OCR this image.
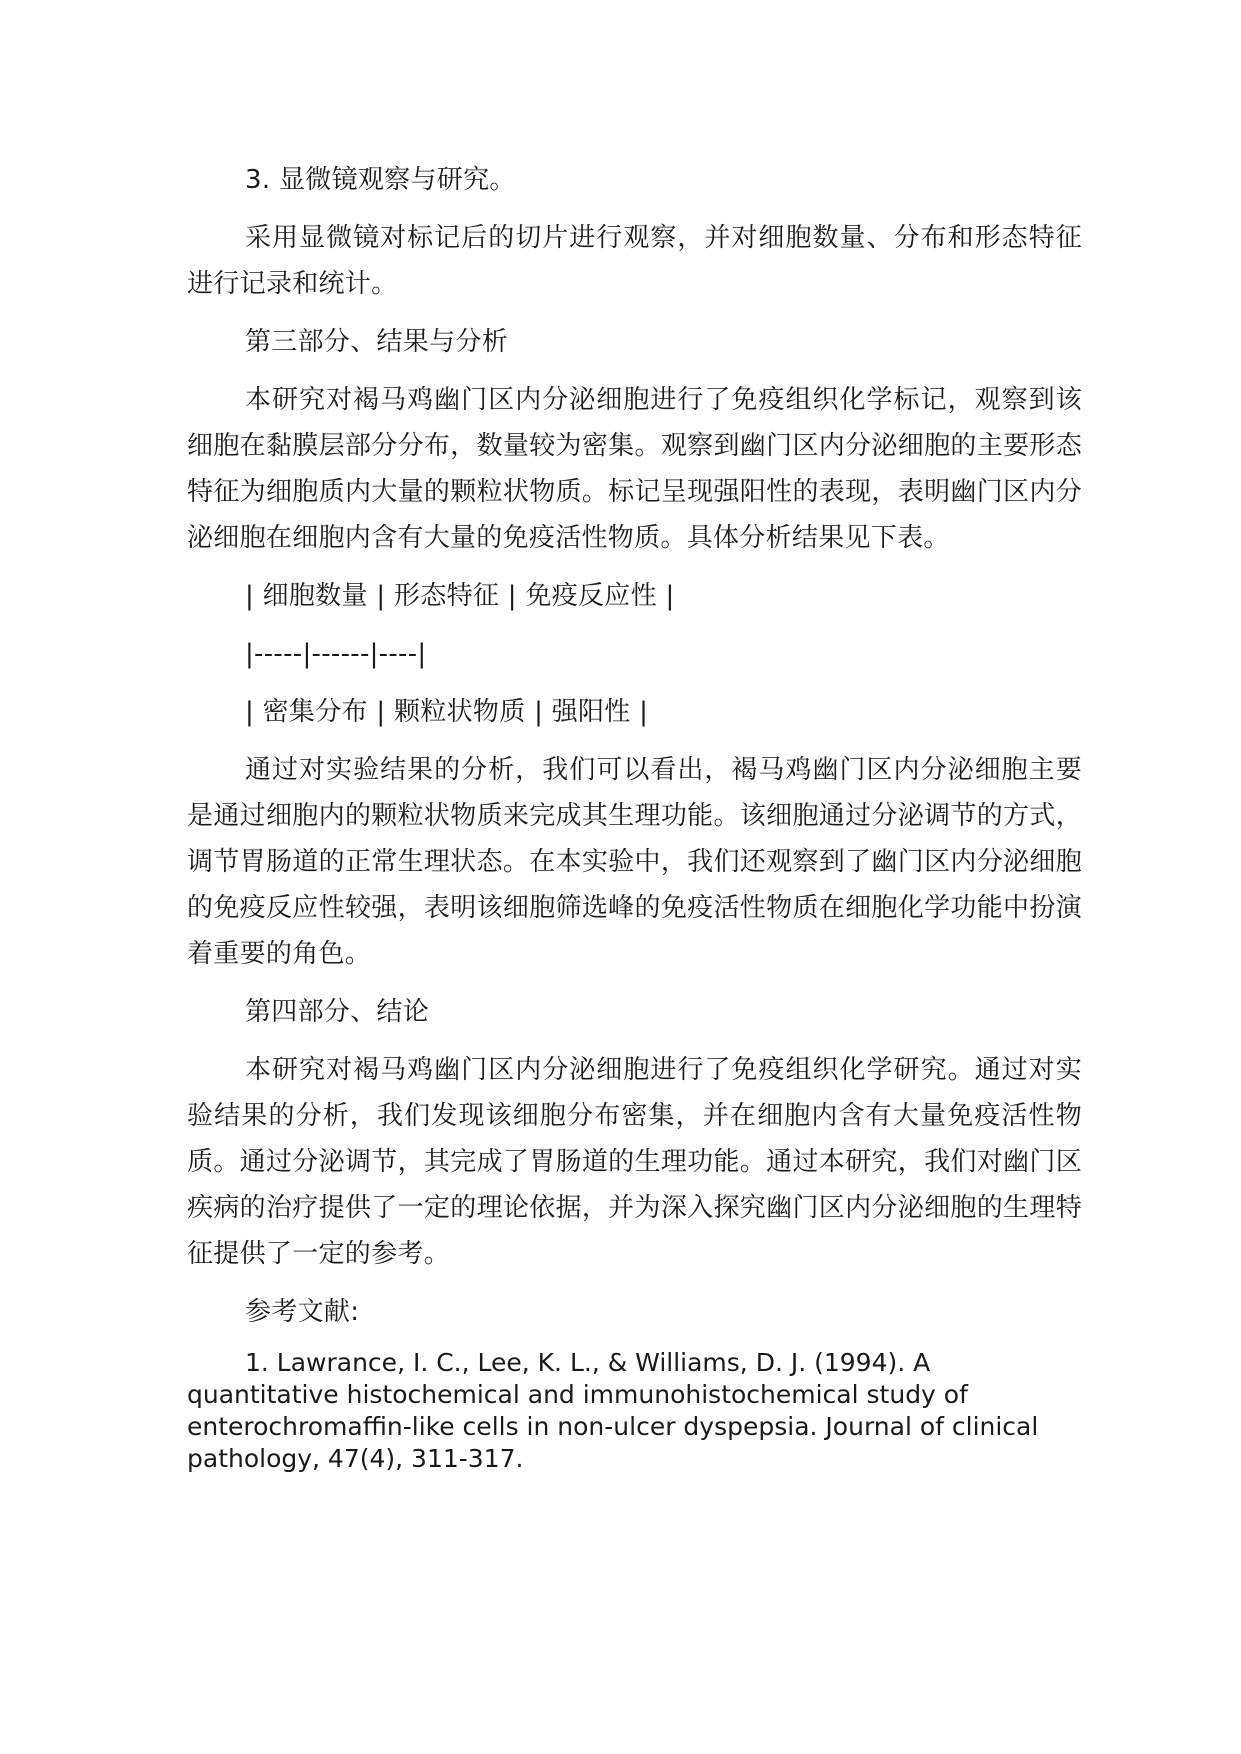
3. 显微镜观察与研究。

采用显微镜对标记后的切片进行观察，并对细胞数量、分布和形态特征进行记录和统计。

第三部分、结果与分析

本研究对褐马鸡幽门区内分泌细胞进行了免疫组织化学标记，观察到该细胞在黏膜层部分分布，数量较为密集。观察到幽门区内分泌细胞的主要形态特征为细胞质内大量的颗粒状物质。标记呈现强阳性的表现，表明幽门区内分泌细胞在细胞内含有大量的免疫活性物质。具体分析结果见下表。

| 细胞数量 | 形态特征 | 免疫反应性 |

|-----|------|----|

| 密集分布 | 颗粒状物质 | 强阳性 |

通过对实验结果的分析，我们可以看出，褐马鸡幽门区内分泌细胞主要是通过细胞内的颗粒状物质来完成其生理功能。该细胞通过分泌调节的方式，调节胃肠道的正常生理状态。在本实验中，我们还观察到了幽门区内分泌细胞的免疫反应性较强，表明该细胞筛选峰的免疫活性物质在细胞化学功能中扮演着重要的角色。

第四部分、结论

本研究对褐马鸡幽门区内分泌细胞进行了免疫组织化学研究。通过对实验结果的分析，我们发现该细胞分布密集，并在细胞内含有大量免疫活性物质。通过分泌调节，其完成了胃肠道的生理功能。通过本研究，我们对幽门区疾病的治疗提供了一定的理论依据，并为深入探究幽门区内分泌细胞的生理特征提供了一定的参考。

参考文献:

1. Lawrance, I. C., Lee, K. L., & Williams, D. J. (1994). A quantitative histochemical and immunohistochemical study of enterochromaffin-like cells in non-ulcer dyspepsia. Journal of clinical pathology, 47(4), 311-317.
